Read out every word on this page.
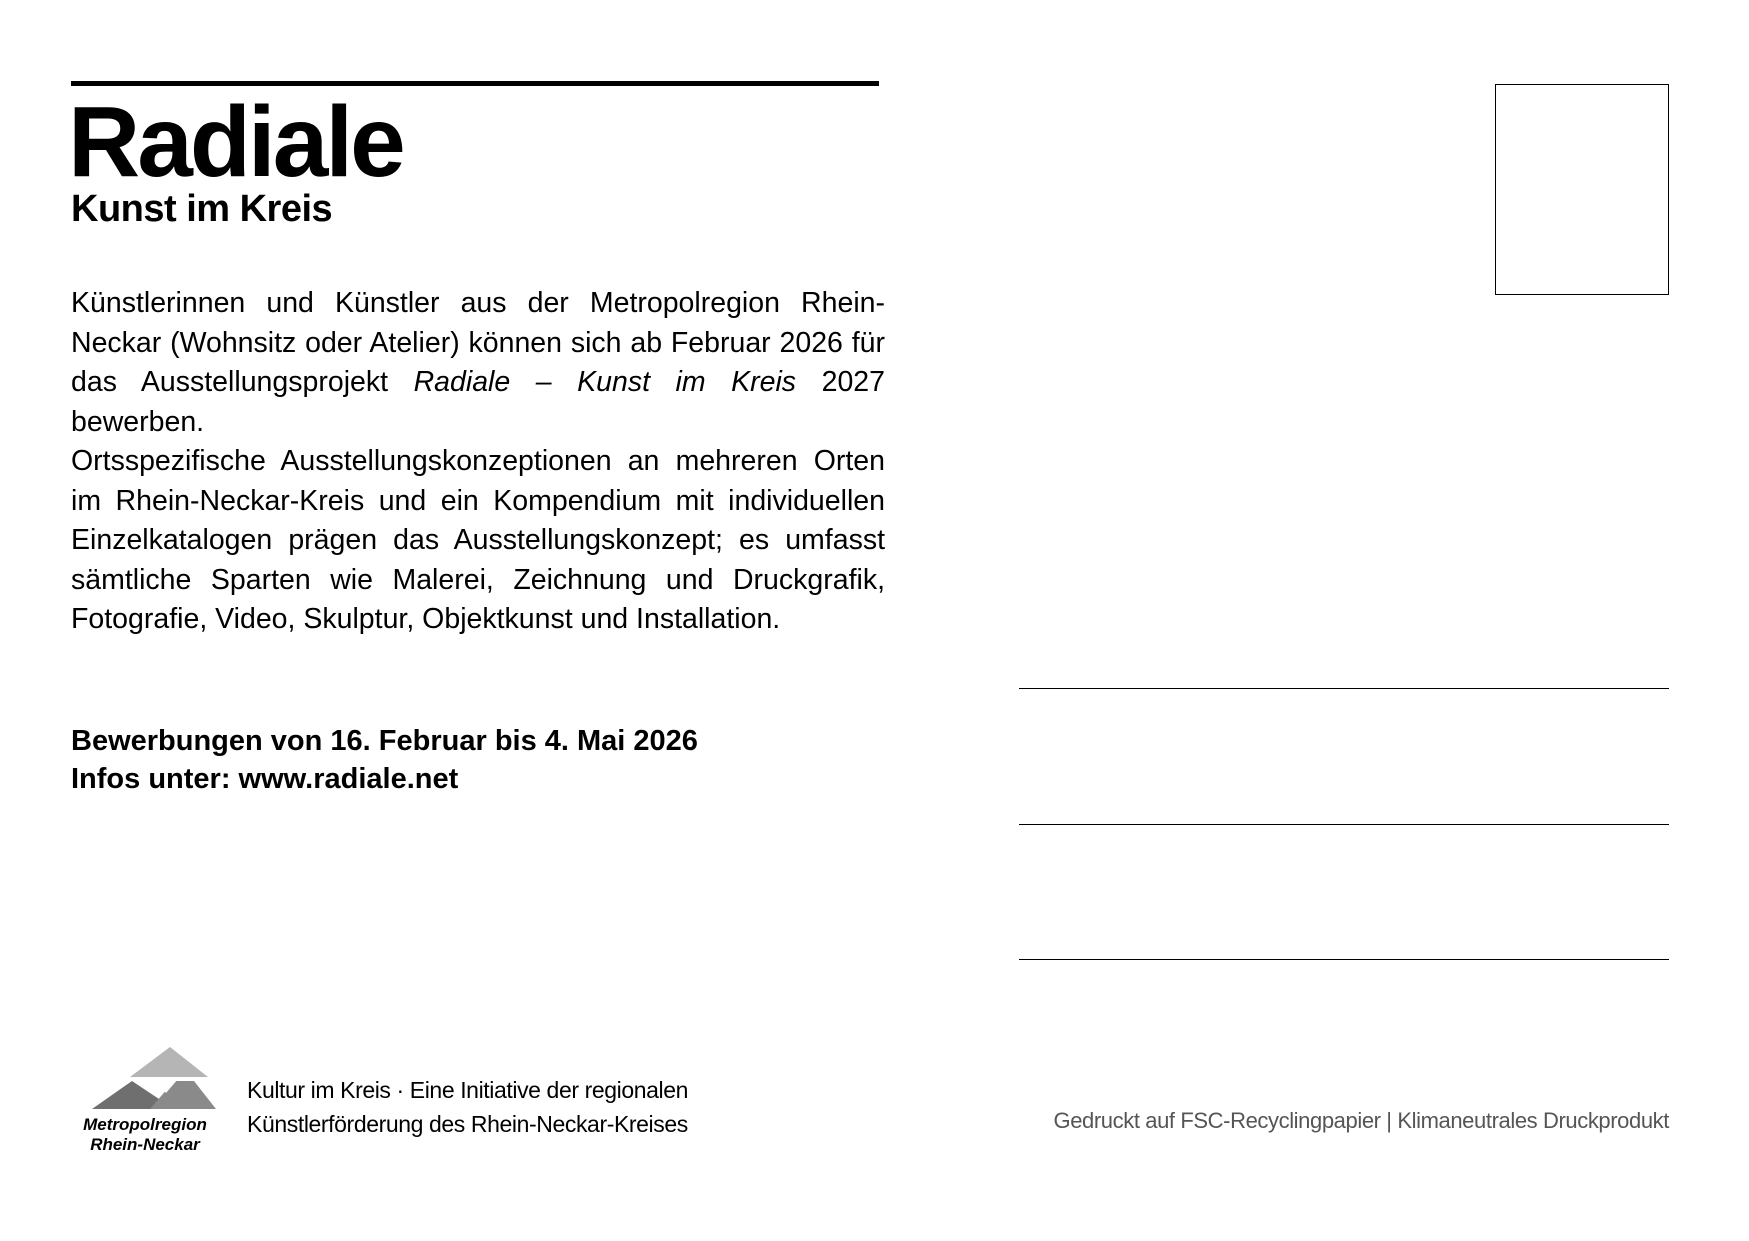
Radiale
Kunst im Kreis

Künstlerinnen und Künstler aus der Metropolregion Rhein-Neckar (Wohnsitz oder Atelier) können sich ab Februar 2026 für das Ausstellungsprojekt Radiale – Kunst im Kreis 2027 bewerben.

Ortsspezifische Ausstellungskonzeptionen an mehreren Orten im Rhein-Neckar-Kreis und ein Kompendium mit individuellen Einzelkatalogen prägen das Ausstellungskonzept; es umfasst sämtliche Sparten wie Malerei, Zeichnung und Druckgrafik, Fotografie, Video, Skulptur, Objektkunst und Installation.

Bewerbungen von 16. Februar bis 4. Mai 2026
Infos unter: www.radiale.net
Metropolregion
Rhein-Neckar
Kultur im Kreis · Eine Initiative der regionalen
Künstlerförderung des Rhein-Neckar-Kreises	Gedruckt auf FSC-Recyclingpapier | Klimaneutrales Druckprodukt
